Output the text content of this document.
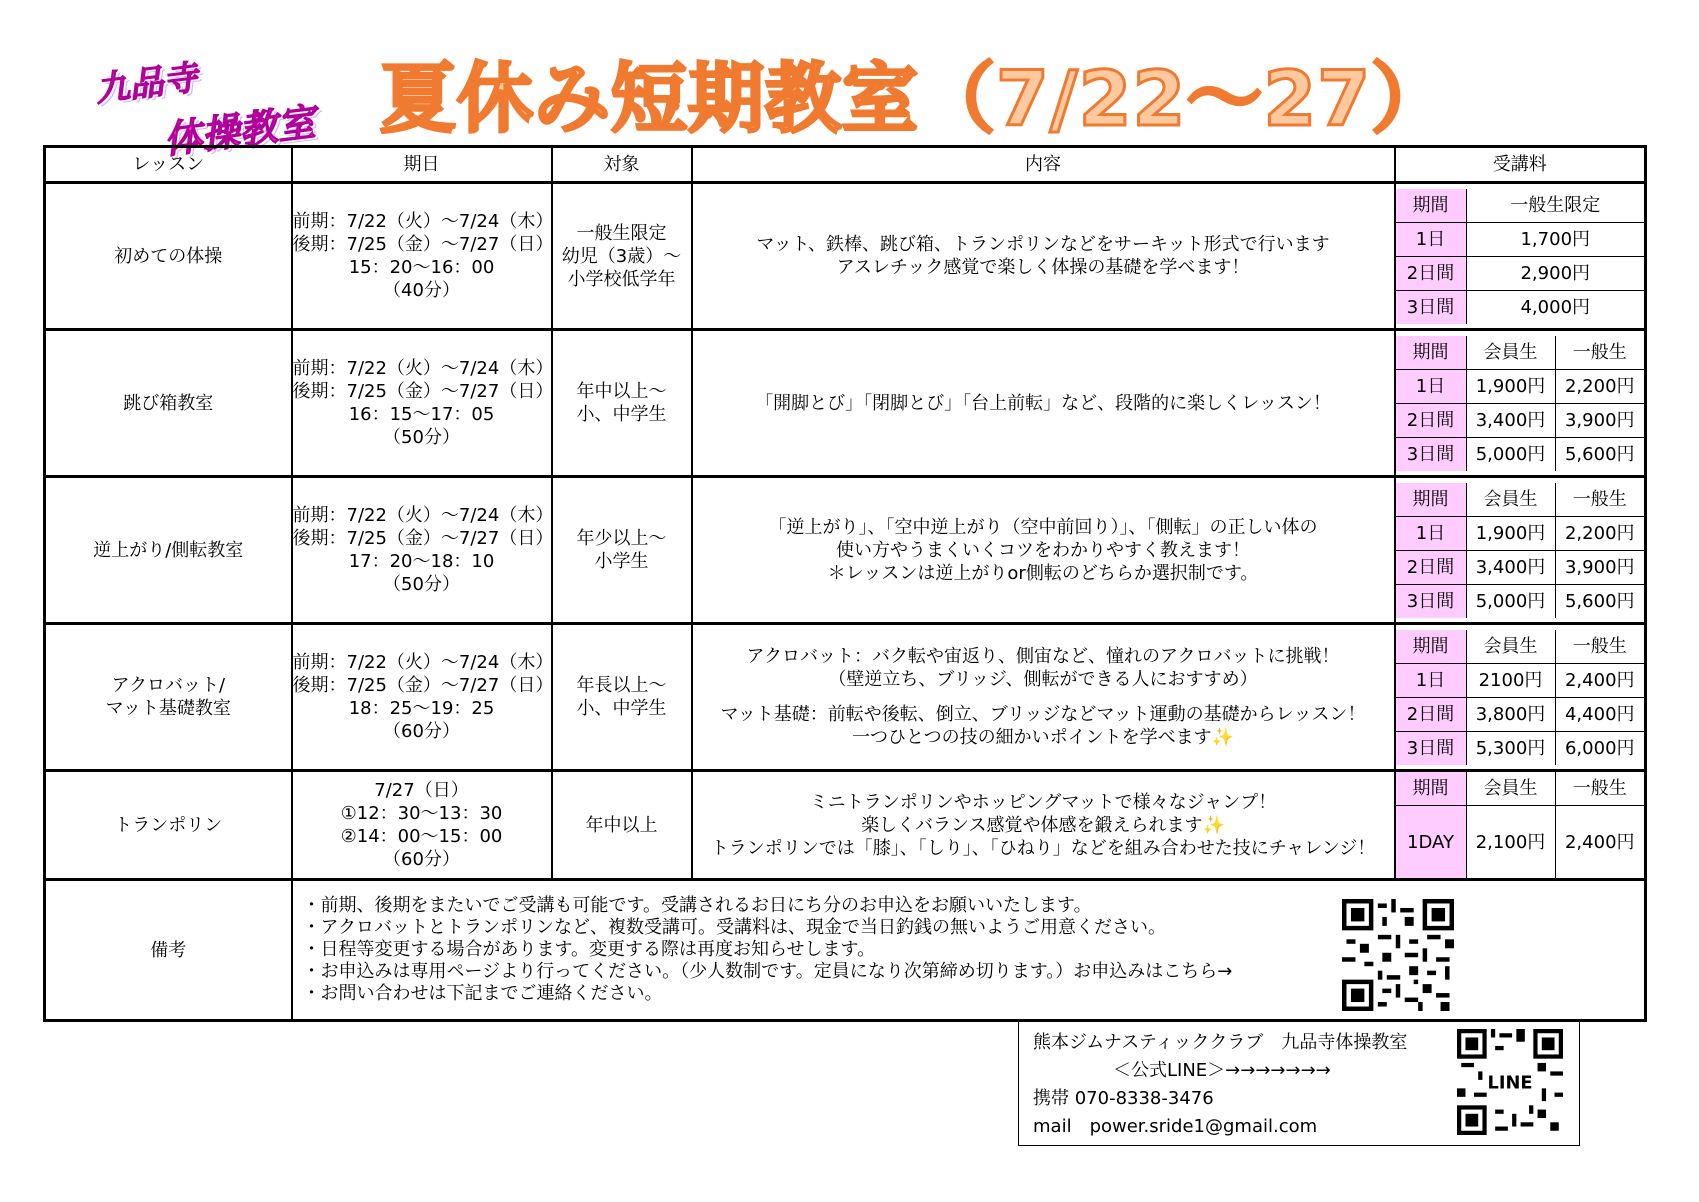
九品寺
体操教室 夏休み短期教室（7/22～27）
レッスン	期日	対象	内容	受講料
初めての体操	
前期：7/22（火）～7/24（木）
後期：7/25（金）～7/27（日）
15：20～16：00
（40分）

一般生限定
幼児（3歳）～
小学校低学年

マット、鉄棒、跳び箱、トランポリンなどをサーキット形式で行います
アスレチック感覚で楽しく体操の基礎を学べます！

期間	一般生限定
1日	1,700円
2日間	2,900円
3日間	4,000円

跳び箱教室	
前期：7/22（火）～7/24（木）
後期：7/25（金）～7/27（日）
16：15～17：05
（50分）

年中以上～
小、中学生

「開脚とび」「閉脚とび」「台上前転」など、段階的に楽しくレッスン！

期間	会員生	一般生
1日	1,900円	2,200円
2日間	3,400円	3,900円
3日間	5,000円	5,600円

逆上がり/側転教室	
前期：7/22（火）～7/24（木）
後期：7/25（金）～7/27（日）
17：20～18：10
（50分）

年少以上～
小学生

「逆上がり」、「空中逆上がり（空中前回り）」、「側転」の正しい体の
使い方やうまくいくコツをわかりやすく教えます！
＊レッスンは逆上がりor側転のどちらか選択制です。

期間	会員生	一般生
1日	1,900円	2,200円
2日間	3,400円	3,900円
3日間	5,000円	5,600円

アクロバット/
マット基礎教室

前期：7/22（火）～7/24（木）
後期：7/25（金）～7/27（日）
18：25～19：25
（60分）

年長以上～
小、中学生

アクロバット：バク転や宙返り、側宙など、憧れのアクロバットに挑戦！
（壁逆立ち、ブリッジ、側転ができる人におすすめ）
マット基礎：前転や後転、倒立、ブリッジなどマット運動の基礎からレッスン！
一つひとつの技の細かいポイントを学べます✨

期間	会員生	一般生
1日	2100円	2,400円
2日間	3,800円	4,400円
3日間	5,300円	6,000円

トランポリン	
7/27（日）
①12：30～13：30
②14：00～15：00
（60分）
	年中以上	
ミニトランポリンやホッピングマットで様々なジャンプ！
楽しくバランス感覚や体感を鍛えられます✨
トランポリンでは「膝」、「しり」、「ひねり」などを組み合わせた技にチャレンジ！

期間	会員生	一般生
1DAY	2,100円	2,400円

備考	
・前期、後期をまたいでご受講も可能です。受講されるお日にち分のお申込をお願いいたします。
・アクロバットとトランポリンなど、複数受講可。受講料は、現金で当日釣銭の無いようご用意ください。
・日程等変更する場合があります。変更する際は再度お知らせします。
・お申込みは専用ページより行ってください。（少人数制です。定員になり次第締め切ります。）お申込みはこちら→
・お問い合わせは下記までご連絡ください。
熊本ジムナスティッククラブ　九品寺体操教室
＜公式LINE＞→→→→→→→
携帯 070-8338-3476
mail　power.sride1@gmail.com
LINE
